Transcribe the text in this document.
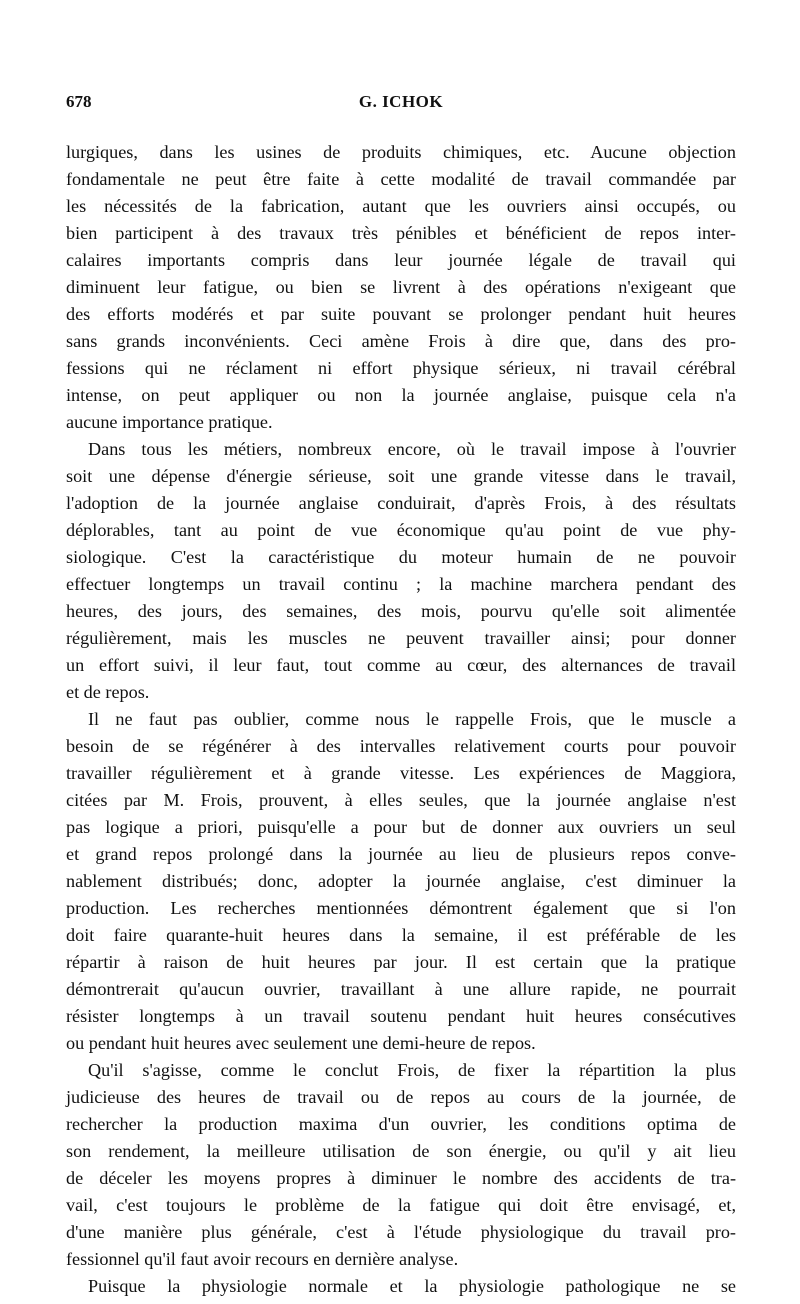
678	G. ICHOK
lurgiques, dans les usines de produits chimiques, etc. Aucune objection
fondamentale ne peut être faite à cette modalité de travail commandée par
les nécessités de la fabrication, autant que les ouvriers ainsi occupés, ou
bien participent à des travaux très pénibles et bénéficient de repos inter-
calaires importants compris dans leur journée légale de travail qui
diminuent leur fatigue, ou bien se livrent à des opérations n'exigeant que
des efforts modérés et par suite pouvant se prolonger pendant huit heures
sans grands inconvénients. Ceci amène Frois à dire que, dans des pro-
fessions qui ne réclament ni effort physique sérieux, ni travail cérébral
intense, on peut appliquer ou non la journée anglaise, puisque cela n'a
aucune importance pratique.
Dans tous les métiers, nombreux encore, où le travail impose à l'ouvrier
soit une dépense d'énergie sérieuse, soit une grande vitesse dans le travail,
l'adoption de la journée anglaise conduirait, d'après Frois, à des résultats
déplorables, tant au point de vue économique qu'au point de vue phy-
siologique. C'est la caractéristique du moteur humain de ne pouvoir
effectuer longtemps un travail continu ; la machine marchera pendant des
heures, des jours, des semaines, des mois, pourvu qu'elle soit alimentée
régulièrement, mais les muscles ne peuvent travailler ainsi; pour donner
un effort suivi, il leur faut, tout comme au cœur, des alternances de travail
et de repos.
Il ne faut pas oublier, comme nous le rappelle Frois, que le muscle a
besoin de se régénérer à des intervalles relativement courts pour pouvoir
travailler régulièrement et à grande vitesse. Les expériences de Maggiora,
citées par M. Frois, prouvent, à elles seules, que la journée anglaise n'est
pas logique a priori, puisqu'elle a pour but de donner aux ouvriers un seul
et grand repos prolongé dans la journée au lieu de plusieurs repos conve-
nablement distribués; donc, adopter la journée anglaise, c'est diminuer la
production. Les recherches mentionnées démontrent également que si l'on
doit faire quarante-huit heures dans la semaine, il est préférable de les
répartir à raison de huit heures par jour. Il est certain que la pratique
démontrerait qu'aucun ouvrier, travaillant à une allure rapide, ne pourrait
résister longtemps à un travail soutenu pendant huit heures consécutives
ou pendant huit heures avec seulement une demi-heure de repos.
Qu'il s'agisse, comme le conclut Frois, de fixer la répartition la plus
judicieuse des heures de travail ou de repos au cours de la journée, de
rechercher la production maxima d'un ouvrier, les conditions optima de
son rendement, la meilleure utilisation de son énergie, ou qu'il y ait lieu
de déceler les moyens propres à diminuer le nombre des accidents de tra-
vail, c'est toujours le problème de la fatigue qui doit être envisagé, et,
d'une manière plus générale, c'est à l'étude physiologique du travail pro-
fessionnel qu'il faut avoir recours en dernière analyse.
Puisque la physiologie normale et la physiologie pathologique ne se
